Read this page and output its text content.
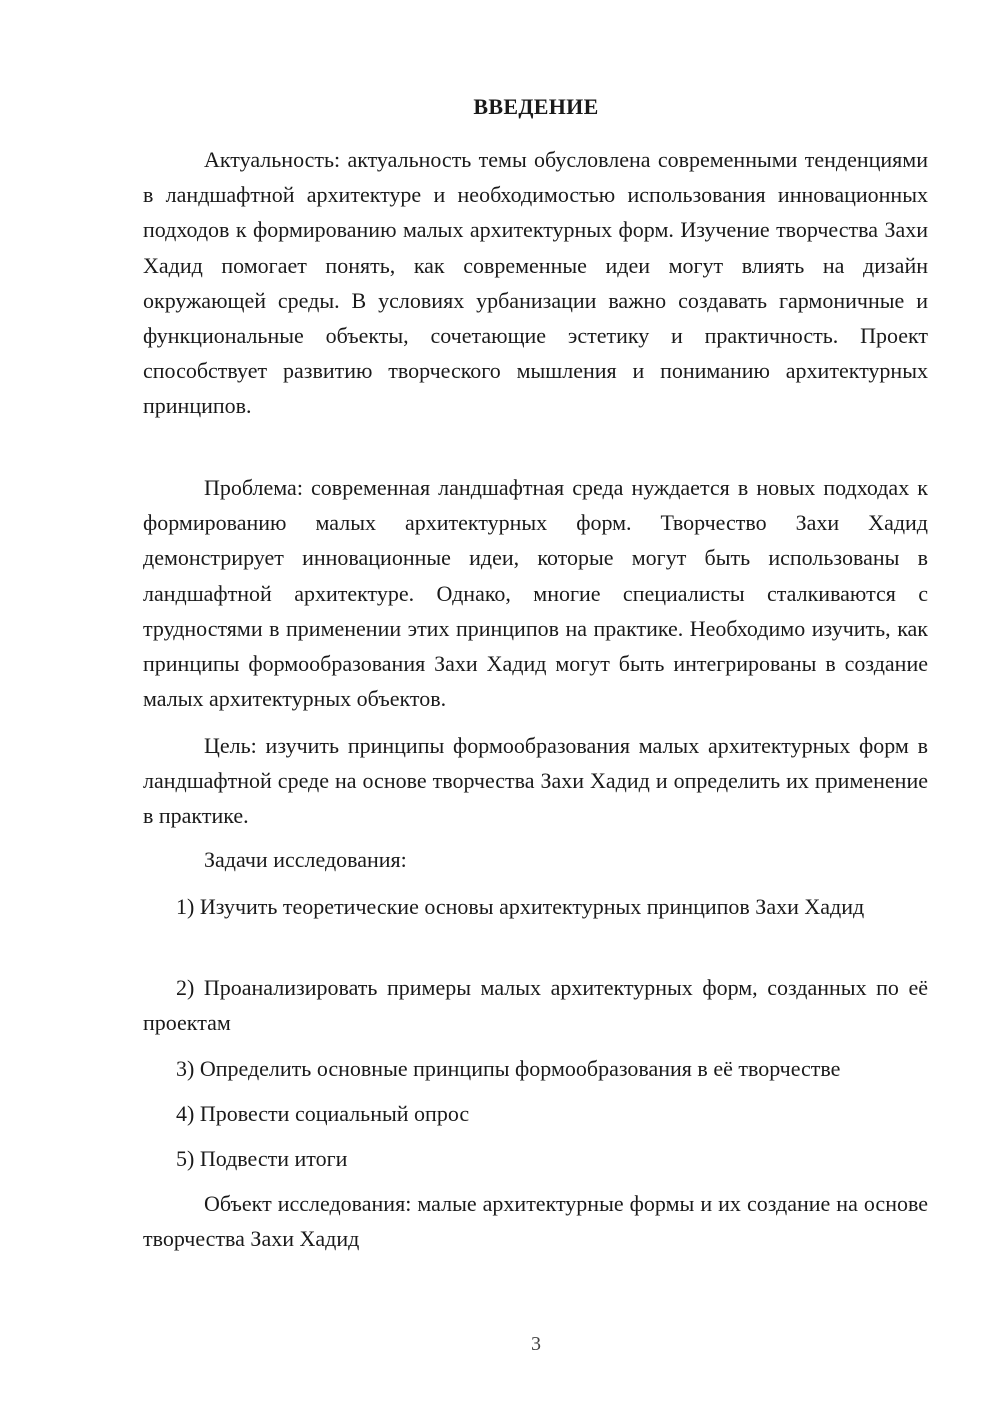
ВВЕДЕНИЕ
Актуальность: актуальность темы обусловлена современными тенденциями в ландшафтной архитектуре и необходимостью использования инновационных подходов к формированию малых архитектурных форм. Изучение творчества Захи Хадид помогает понять, как современные идеи могут влиять на дизайн окружающей среды. В условиях урбанизации важно создавать гармоничные и функциональные объекты, сочетающие эстетику и практичность. Проект способствует развитию творческого мышления и пониманию архитектурных принципов.
Проблема: современная ландшафтная среда нуждается в новых подходах к формированию малых архитектурных форм. Творчество Захи Хадид демонстрирует инновационные идеи, которые могут быть использованы в ландшафтной архитектуре. Однако, многие специалисты сталкиваются с трудностями в применении этих принципов на практике. Необходимо изучить, как принципы формообразования Захи Хадид могут быть интегрированы в создание малых архитектурных объектов.
Цель: изучить принципы формообразования малых архитектурных форм в ландшафтной среде на основе творчества Захи Хадид и определить их применение в практике.
Задачи исследования:
1) Изучить теоретические основы архитектурных принципов Захи Хадид
2) Проанализировать примеры малых архитектурных форм, созданных по её проектам
3) Определить основные принципы формообразования в её творчестве
4) Провести социальный опрос
5) Подвести итоги
Объект исследования: малые архитектурные формы и их создание на основе творчества Захи Хадид
3
